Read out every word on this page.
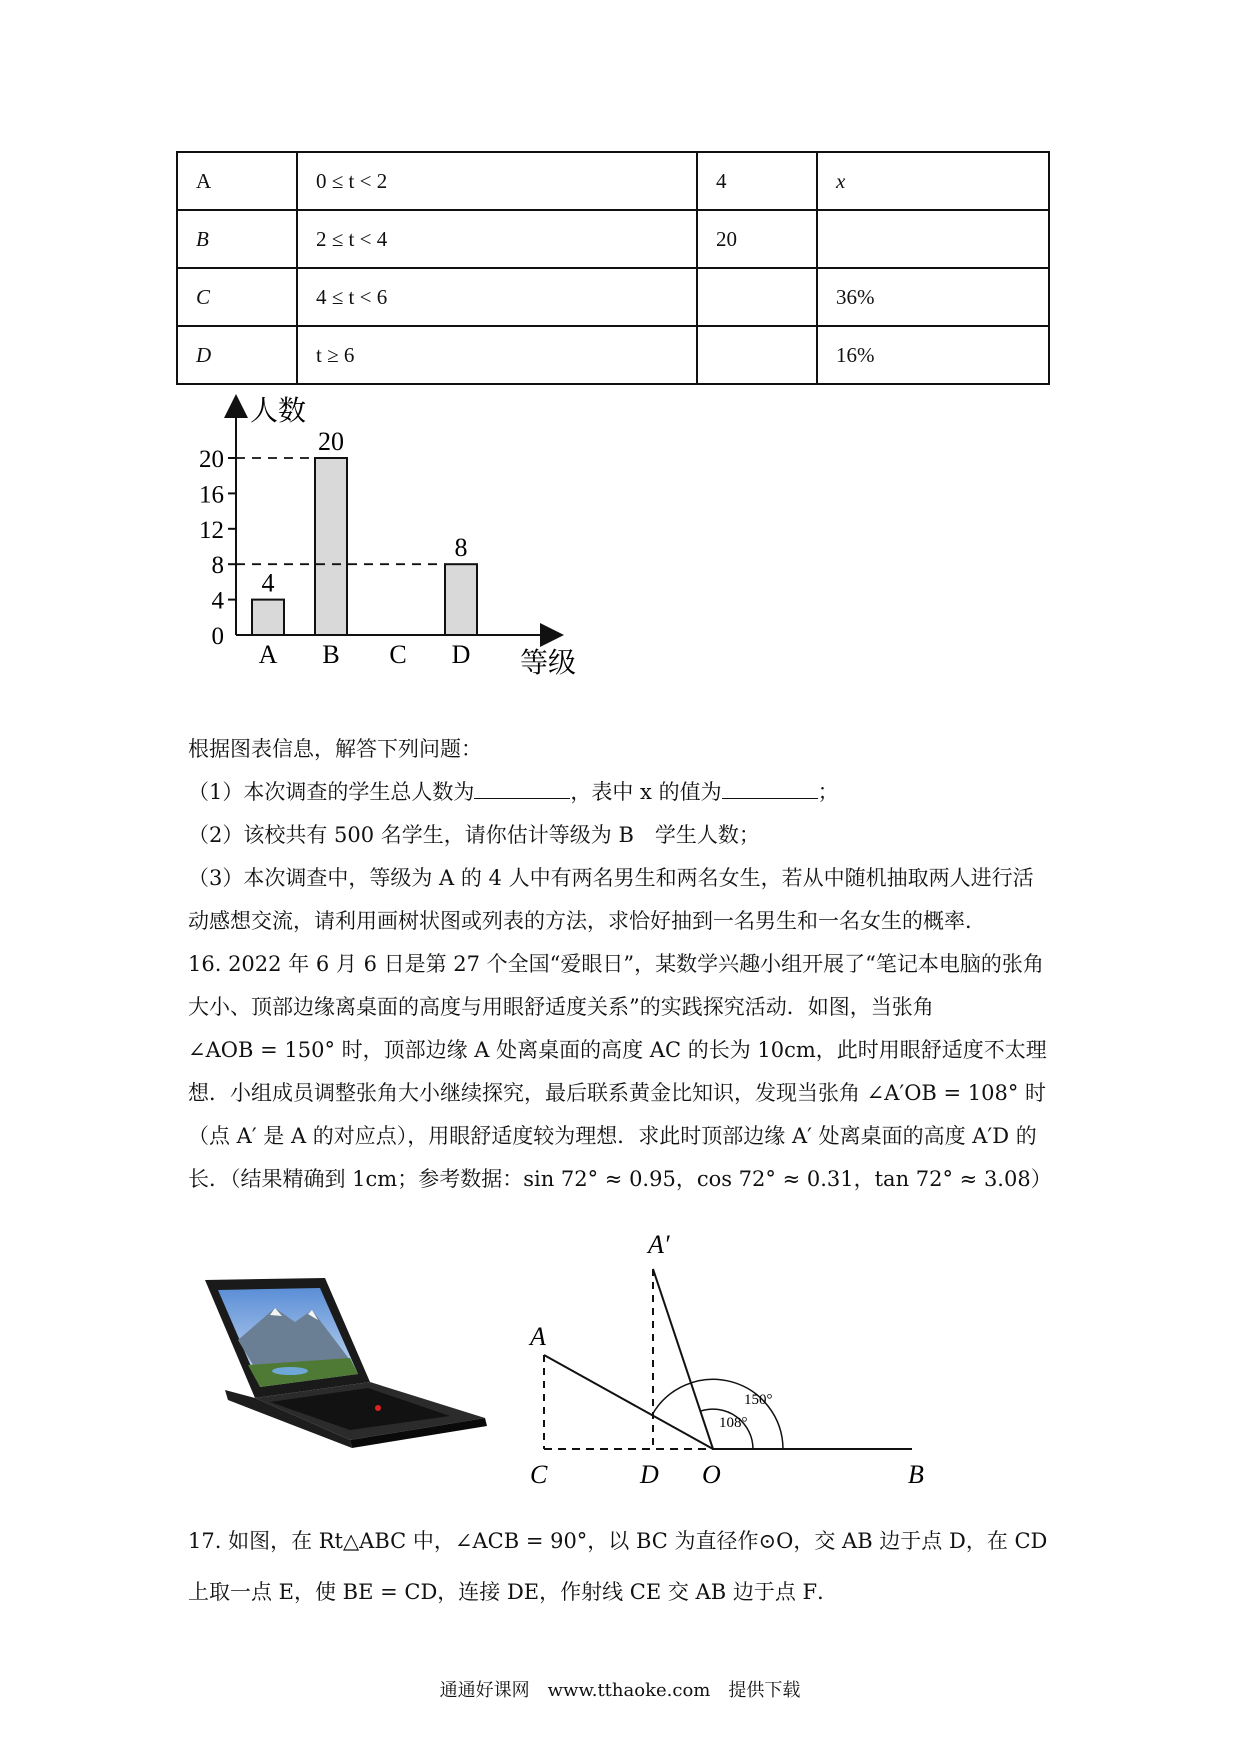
A	0 ≤ t < 2	4	x
B	2 ≤ t < 4	20	
C	4 ≤ t < 6		36%
D	t ≥ 6		16%
人数
等级
0
4
8
12
16
20
4
A
20
B C
8
D
根据图表信息，解答下列问题：
（1）本次调查的学生总人数为	，表中 x 的值为	；
（2）该校共有 500 名学生，请你估计等级为 B　学生人数；
（3）本次调查中，等级为 A 的 4 人中有两名男生和两名女生，若从中随机抽取两人进行活
动感想交流，请利用画树状图或列表的方法，求恰好抽到一名男生和一名女生的概率．
16. 2022 年 6 月 6 日是第 27 个全国“爱眼日”，某数学兴趣小组开展了“笔记本电脑的张角
大小、顶部边缘离桌面的高度与用眼舒适度关系”的实践探究活动．如图，当张角
∠AOB = 150° 时，顶部边缘 A 处离桌面的高度 AC 的长为 10cm，此时用眼舒适度不太理
想．小组成员调整张角大小继续探究，最后联系黄金比知识，发现当张角 ∠A′OB = 108° 时
（点 A′ 是 A 的对应点），用眼舒适度较为理想．求此时顶部边缘 A′ 处离桌面的高度 A′D 的
长．（结果精确到 1cm；参考数据：sin 72° ≈ 0.95，cos 72° ≈ 0.31，tan 72° ≈ 3.08）
A′
A
150°
108°
C	D O	B
17. 如图，在 Rt△ABC 中，∠ACB = 90°，以 BC 为直径作⊙O，交 AB 边于点 D，在 CD
上取一点 E，使 BE = CD，连接 DE，作射线 CE 交 AB 边于点 F．
通通好课网　www.tthaoke.com　提供下载
